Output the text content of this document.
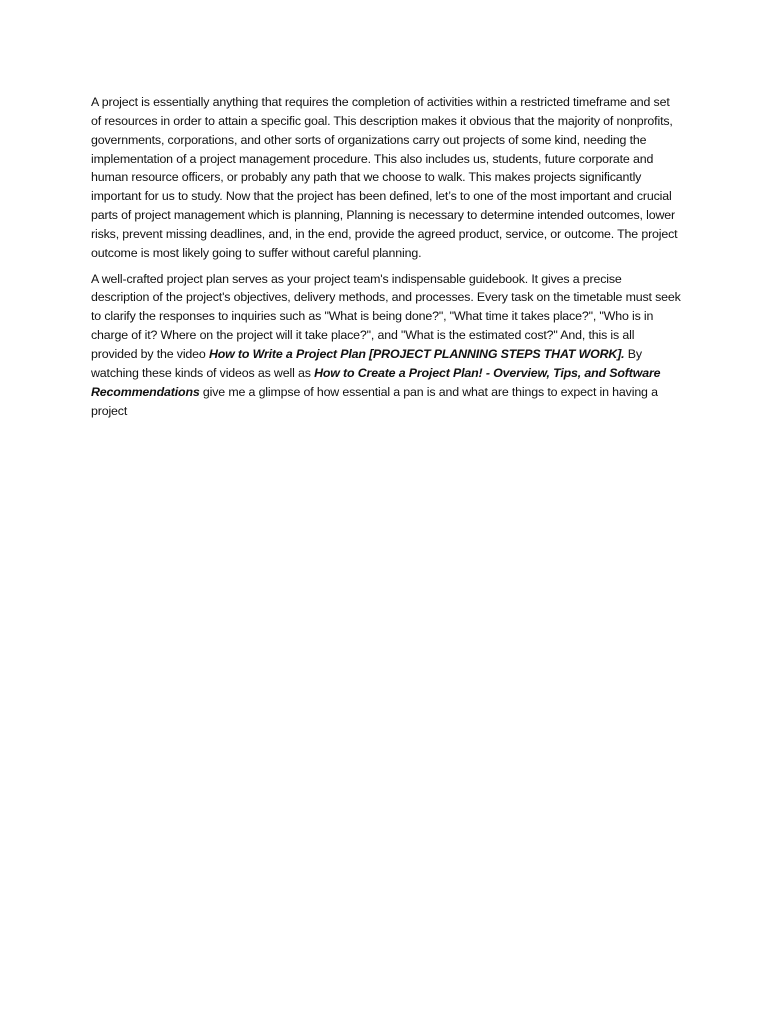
A project is essentially anything that requires the completion of activities within a restricted timeframe and set of resources in order to attain a specific goal. This description makes it obvious that the majority of nonprofits, governments, corporations, and other sorts of organizations carry out projects of some kind, needing the implementation of a project management procedure. This also includes us, students, future corporate and human resource officers, or probably any path that we choose to walk. This makes projects significantly important for us to study. Now that the project has been defined, let’s to one of the most important and crucial parts of project management which is planning, Planning is necessary to determine intended outcomes, lower risks, prevent missing deadlines, and, in the end, provide the agreed product, service, or outcome. The project outcome is most likely going to suffer without careful planning.

A well-crafted project plan serves as your project team's indispensable guidebook. It gives a precise description of the project's objectives, delivery methods, and processes. Every task on the timetable must seek to clarify the responses to inquiries such as "What is being done?", "What time it takes place?", "Who is in charge of it? Where on the project will it take place?", and "What is the estimated cost?" And, this is all provided by the video How to Write a Project Plan [PROJECT PLANNING STEPS THAT WORK]. By watching these kinds of videos as well as How to Create a Project Plan! - Overview, Tips, and Software Recommendations give me a glimpse of how essential a pan is and what are things to expect in having a project
